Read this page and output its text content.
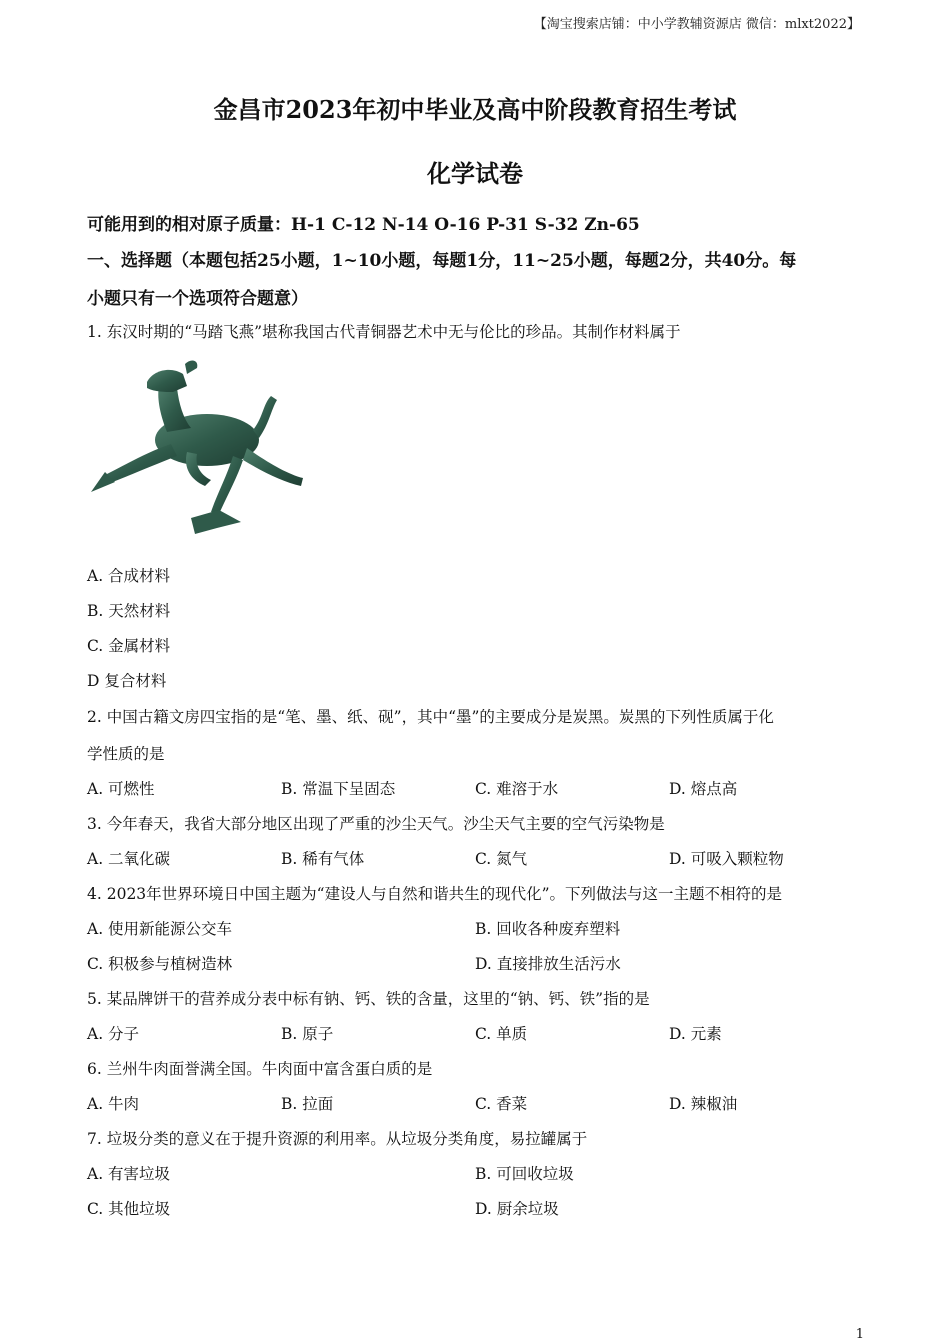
【淘宝搜索店铺：中小学教辅资源店 微信：mlxt2022】
金昌市2023年初中毕业及高中阶段教育招生考试
化学试卷
可能用到的相对原子质量：H-1 C-12 N-14 O-16 P-31 S-32 Zn-65
一、选择题（本题包括25小题，1~10小题，每题1分，11~25小题，每题2分，共40分。每
小题只有一个选项符合题意）
1. 东汉时期的“马踏飞燕”堪称我国古代青铜器艺术中无与伦比的珍品。其制作材料属于
A. 合成材料
B. 天然材料
C. 金属材料
D 复合材料
2. 中国古籍文房四宝指的是“笔、墨、纸、砚”，其中“墨”的主要成分是炭黑。炭黑的下列性质属于化
学性质的是
A. 可燃性	B. 常温下呈固态	C. 难溶于水	D. 熔点高
3. 今年春天，我省大部分地区出现了严重的沙尘天气。沙尘天气主要的空气污染物是
A. 二氧化碳	B. 稀有气体	C. 氮气	D. 可吸入颗粒物
4. 2023年世界环境日中国主题为“建设人与自然和谐共生的现代化”。下列做法与这一主题不相符的是
A. 使用新能源公交车	B. 回收各种废弃塑料
C. 积极参与植树造林	D. 直接排放生活污水
5. 某品牌饼干的营养成分表中标有钠、钙、铁的含量，这里的“钠、钙、铁”指的是
A. 分子	B. 原子	C. 单质	D. 元素
6. 兰州牛肉面誉满全国。牛肉面中富含蛋白质的是
A. 牛肉	B. 拉面	C. 香菜	D. 辣椒油
7. 垃圾分类的意义在于提升资源的利用率。从垃圾分类角度，易拉罐属于
A. 有害垃圾	B. 可回收垃圾
C. 其他垃圾	D. 厨余垃圾
1
